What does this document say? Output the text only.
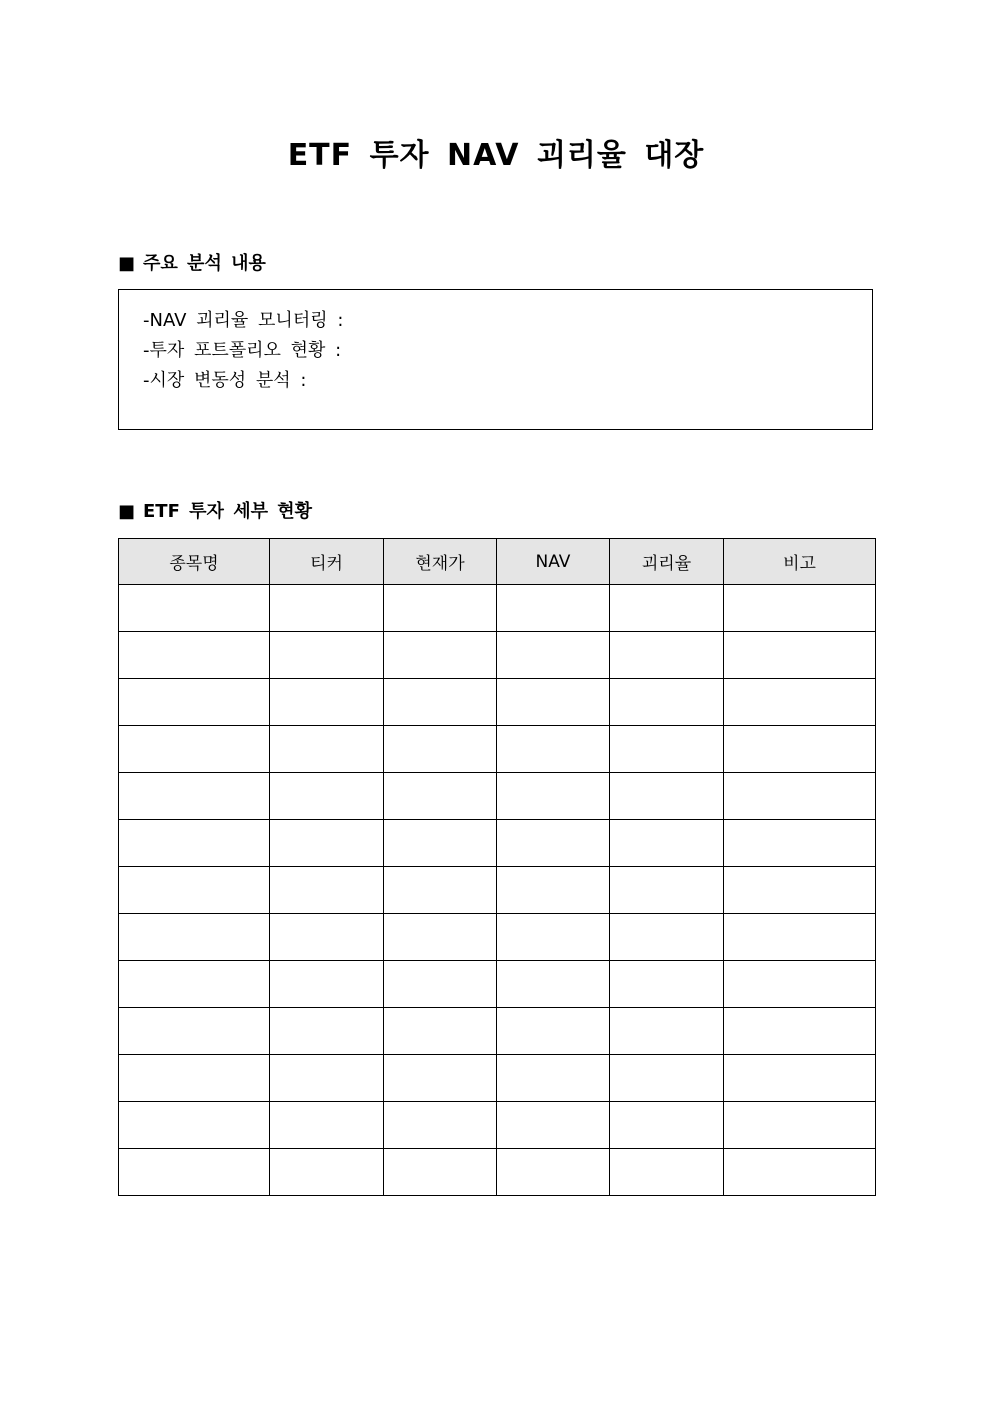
ETF 투자 NAV 괴리율 대장
■ 주요 분석 내용
-NAV 괴리율 모니터링 :
-투자 포트폴리오 현황 :
-시장 변동성 분석 :
■ ETF 투자 세부 현황
종목명	티커	현재가	NAV	괴리율	비고
